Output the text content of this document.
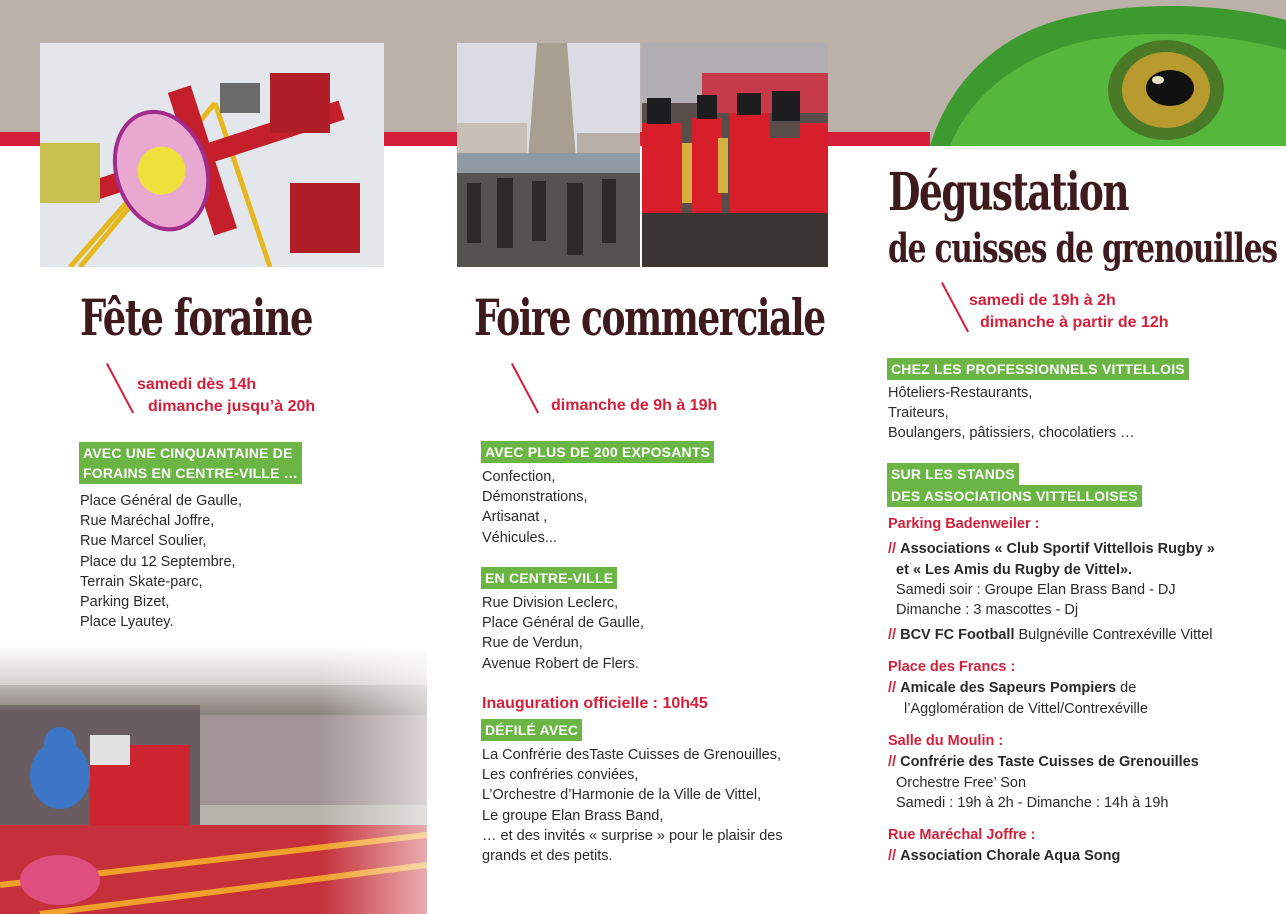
Fête foraine
samedi dès 14h
dimanche jusqu’à 20h
AVEC UNE CINQUANTAINE DE
FORAINS EN CENTRE-VILLE …
Place Général de Gaulle,
Rue Maréchal Joffre,
Rue Marcel Soulier,
Place du 12 Septembre,
Terrain Skate-parc,
Parking Bizet,
Place Lyautey.
Foire commerciale
dimanche de 9h à 19h
AVEC PLUS DE 200 EXPOSANTS
Confection,
Démonstrations,
Artisanat ,
Véhicules...
EN CENTRE-VILLE
Rue Division Leclerc,
Place Général de Gaulle,
Rue de Verdun,
Avenue Robert de Flers.
Inauguration officielle : 10h45
DÉFILÉ AVEC
La Confrérie desTaste Cuisses de Grenouilles,
Les confréries conviées,
L’Orchestre d’Harmonie de la Ville de Vittel,
Le groupe Elan Brass Band,
… et des invités « surprise » pour le plaisir des
grands et des petits.
Dégustation
de cuisses de grenouilles
samedi de 19h à 2h
dimanche à partir de 12h
CHEZ LES PROFESSIONNELS VITTELLOIS
Hôteliers-Restaurants,
Traiteurs,
Boulangers, pâtissiers, chocolatiers …
SUR LES STANDS
DES ASSOCIATIONS VITTELLOISES
Parking Badenweiler :
// Associations « Club Sportif Vittellois Rugby »
et « Les Amis du Rugby de Vittel».
Samedi soir : Groupe Elan Brass Band - DJ
Dimanche : 3 mascottes - Dj
// BCV FC Football Bulgnéville Contrexéville Vittel
Place des Francs :
// Amicale des Sapeurs Pompiers de
l’Agglomération de Vittel/Contrexéville
Salle du Moulin :
// Confrérie des Taste Cuisses de Grenouilles
Orchestre Free’ Son
Samedi : 19h à 2h - Dimanche : 14h à 19h
Rue Maréchal Joffre :
// Association Chorale Aqua Song
